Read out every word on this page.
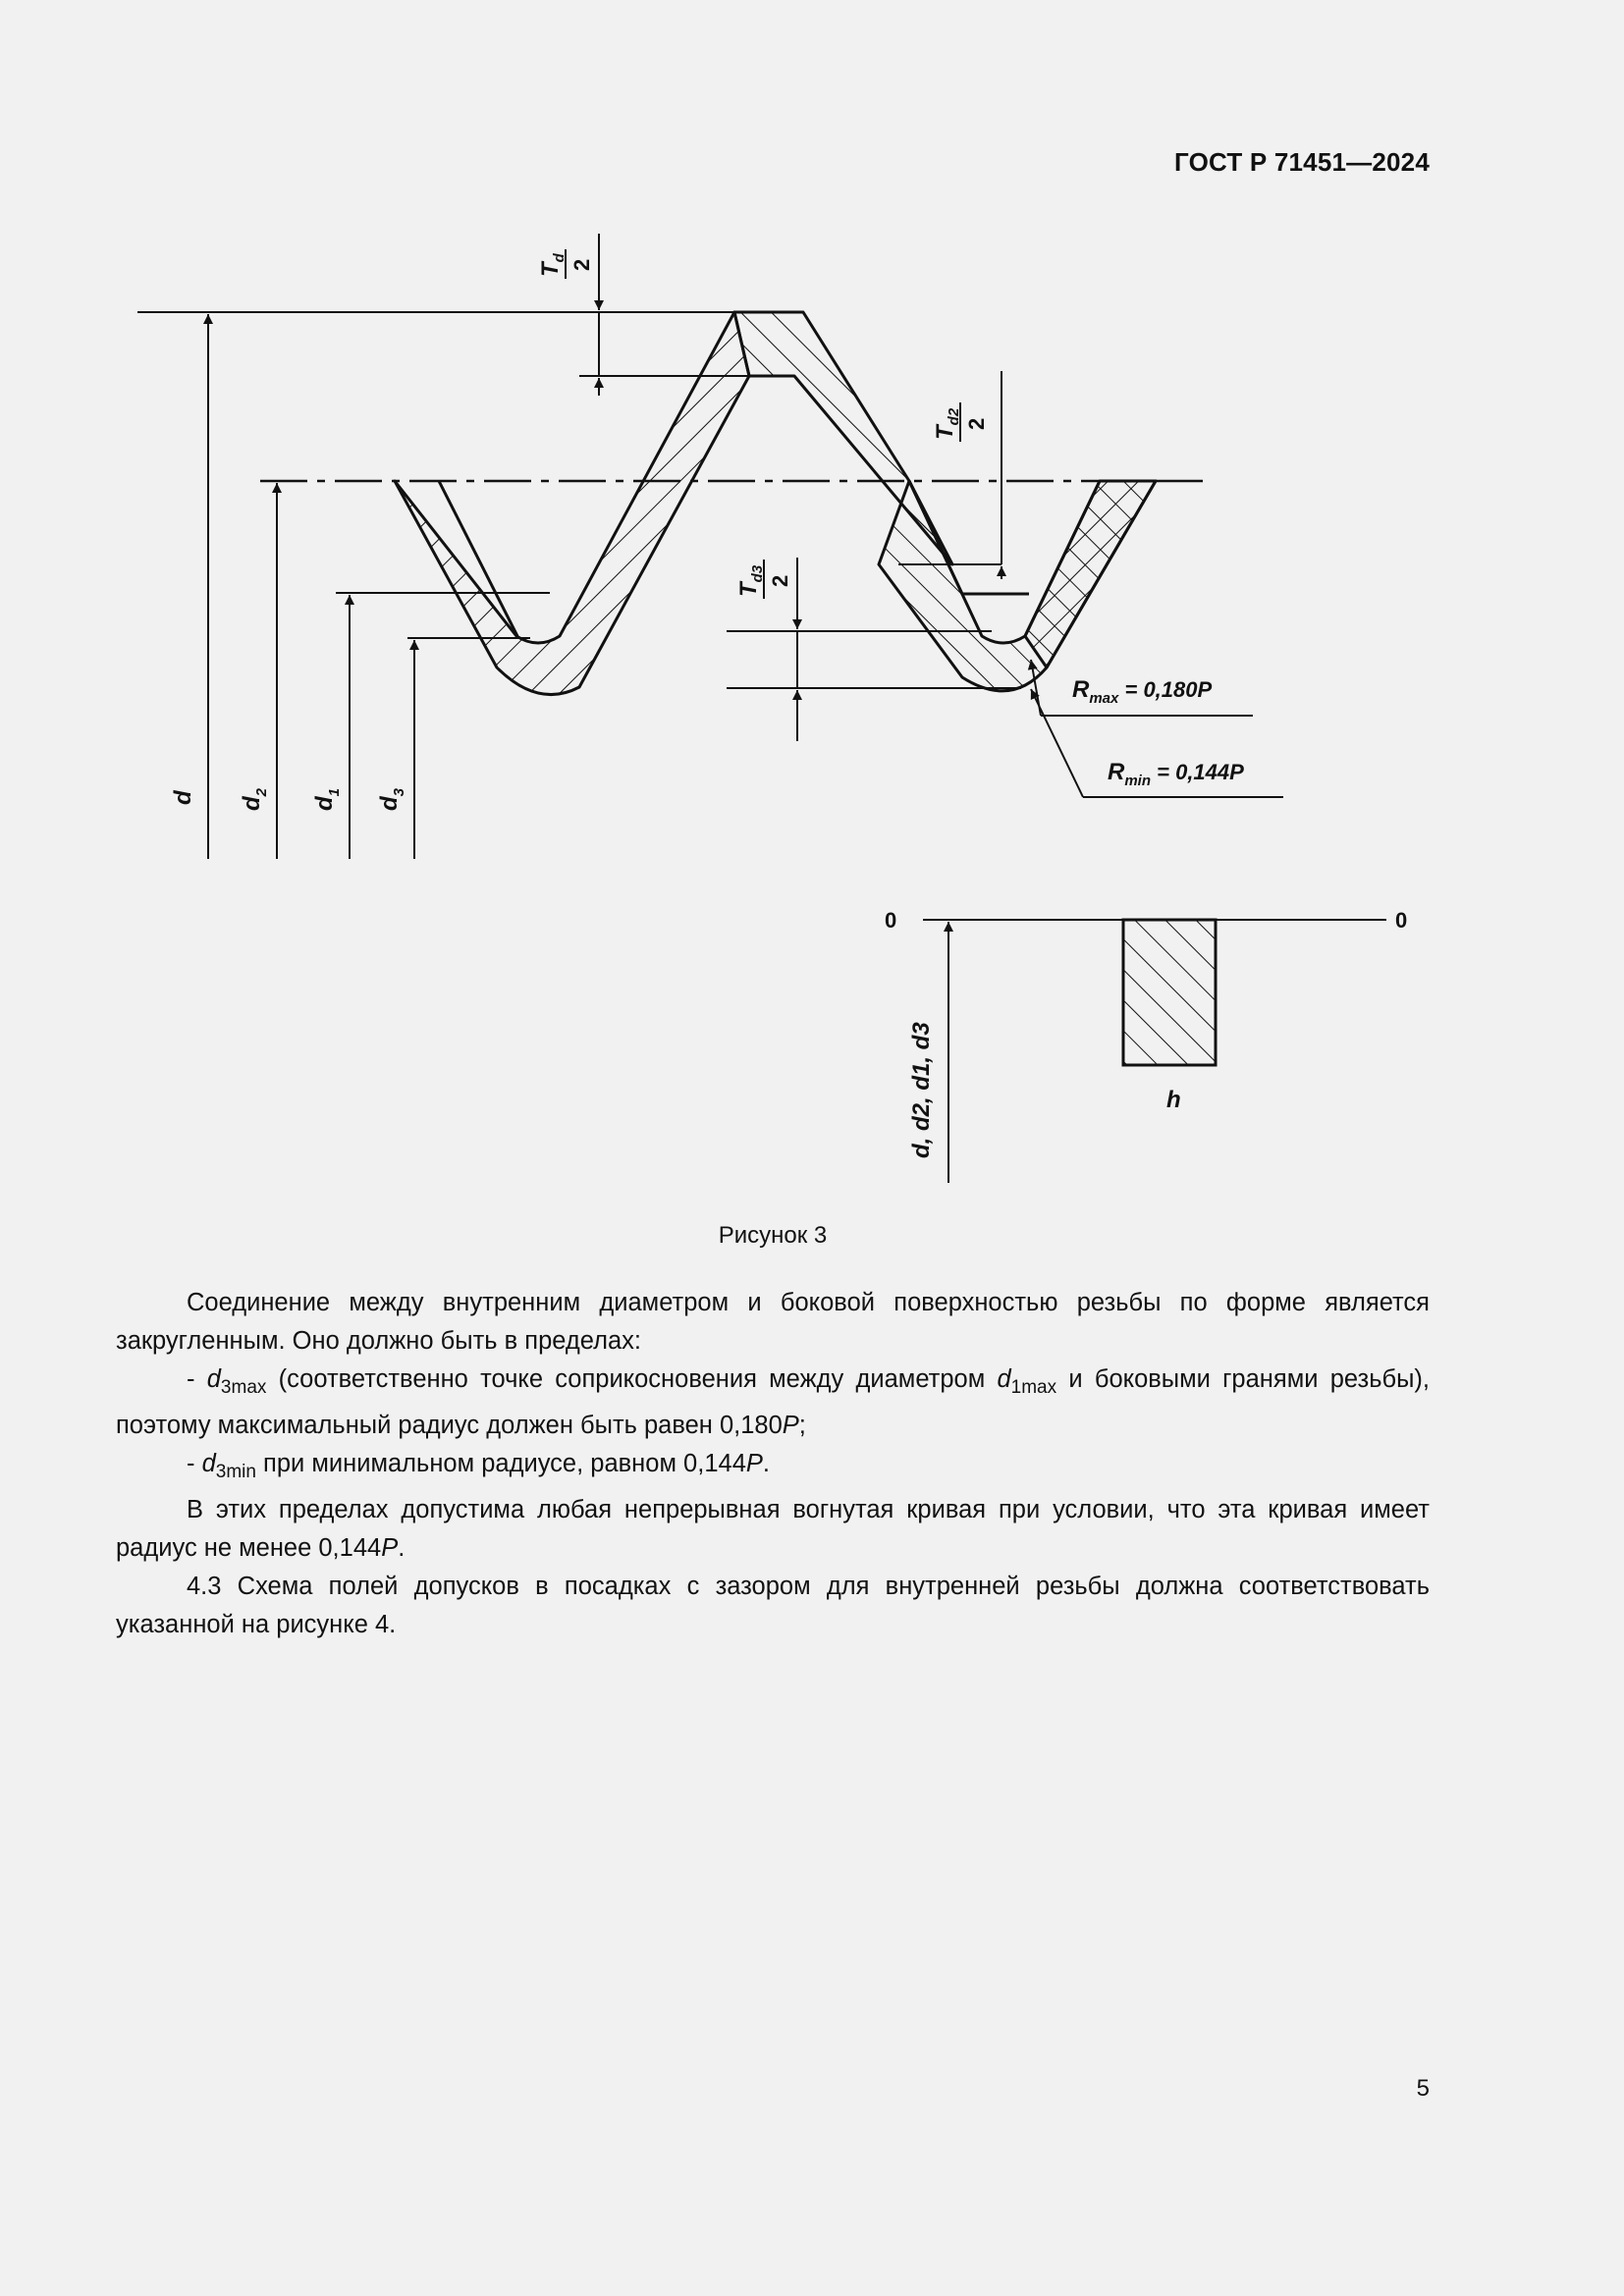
ГОСТ Р 71451—2024
d $d_2$
$d_1$
$d_3$
$T_d$
2
$T_{d2}$ 2
$T_{d3}$ 2
$R_{max} = 0,180P$
$R_{min} = 0,144P$
0	0
h
d, d2, d1, d3
Рисунок 3

Соединение между внутренним диаметром и боковой поверхностью резьбы по форме является закругленным. Оно должно быть в пределах:

- $d_{3max}$ (соответственно точке соприкосновения между диаметром $d_{1max}$ и боковыми гранями резьбы), поэтому максимальный радиус должен быть равен 0,180P;

- $d_{3min}$ при минимальном радиусе, равном 0,144P.

В этих пределах допустима любая непрерывная вогнутая кривая при условии, что эта кривая имеет радиус не менее 0,144P.

4.3 Схема полей допусков в посадках с зазором для внутренней резьбы должна соответствовать указанной на рисунке 4.

5
